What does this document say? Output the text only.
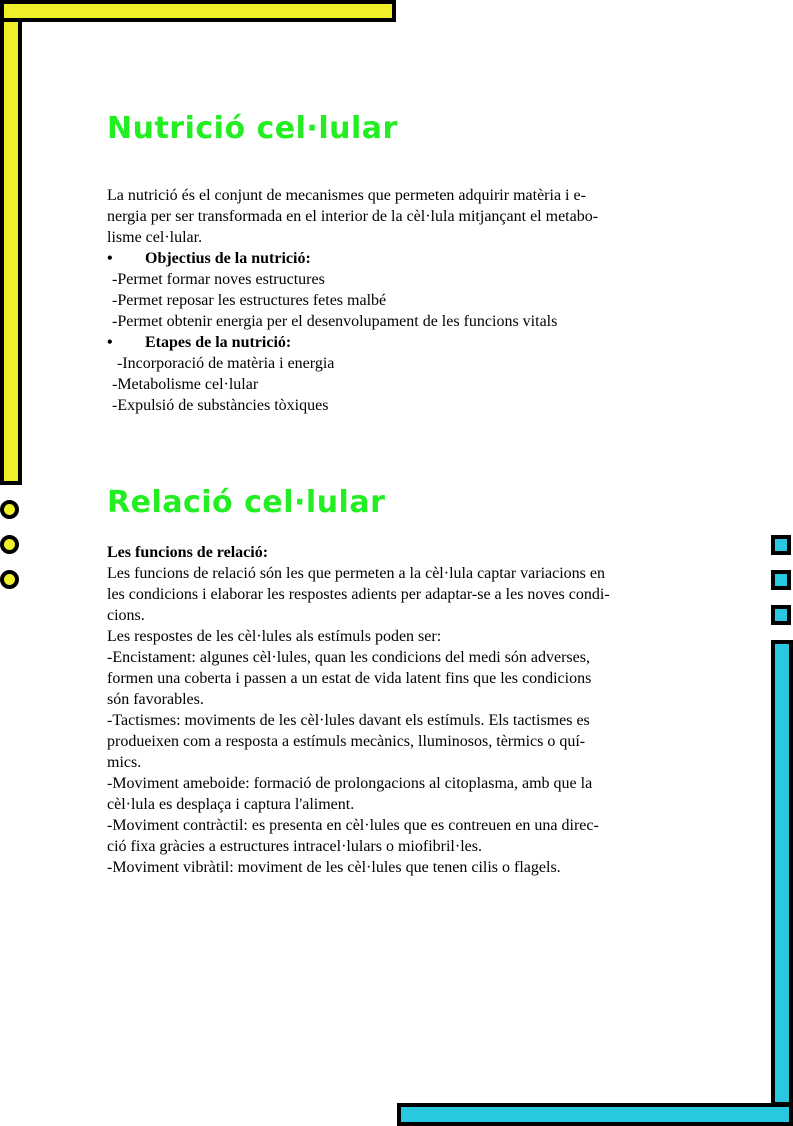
Nutrició cel·lular
La nutrició és el conjunt de mecanismes que permeten adquirir matèria i e-
nergia per ser transformada en el interior de la cèl·lula mitjançant el metabo-
lisme cel·lular.
• Objectius de la nutrició:
-Permet formar noves estructures
-Permet reposar les estructures fetes malbé
-Permet obtenir energia per el desenvolupament de les funcions vitals
• Etapes de la nutrició:
-Incorporació de matèria i energia
-Metabolisme cel·lular
-Expulsió de substàncies tòxiques
Relació cel·lular
Les funcions de relació:
Les funcions de relació són les que permeten a la cèl·lula captar variacions en
les condicions i elaborar les respostes adients per adaptar-se a les noves condi-
cions.
Les respostes de les cèl·lules als estímuls poden ser:
-Encistament: algunes cèl·lules, quan les condicions del medi són adverses,
formen una coberta i passen a un estat de vida latent fins que les condicions
són favorables.
-Tactismes: moviments de les cèl·lules davant els estímuls. Els tactismes es
produeixen com a resposta a estímuls mecànics, lluminosos, tèrmics o quí-
mics.
-Moviment ameboide: formació de prolongacions al citoplasma, amb que la
cèl·lula es desplaça i captura l'aliment.
-Moviment contràctil: es presenta en cèl·lules que es contreuen en una direc-
ció fixa gràcies a estructures intracel·lulars o miofibril·les.
-Moviment vibràtil: moviment de les cèl·lules que tenen cilis o flagels.
